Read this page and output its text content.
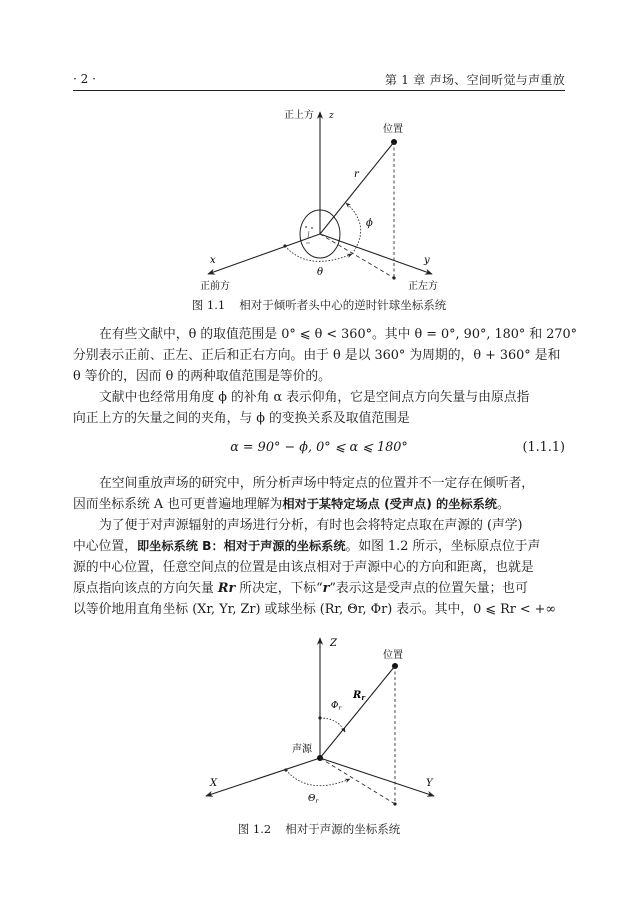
· 2 ·	第 1 章 声场、空间听觉与声重放
正上方 z
位置
r
ϕ
x	y
θ
正前方	正左方
图 1.1 相对于倾听者头中心的逆时针球坐标系统
在有些文献中，θ 的取值范围是 0° ⩽ θ < 360°。其中 θ = 0°, 90°, 180° 和 270°
分别表示正前、正左、正后和正右方向。由于 θ 是以 360° 为周期的，θ + 360° 是和
θ 等价的，因而 θ 的两种取值范围是等价的。
文献中也经常用角度 ϕ 的补角 α 表示仰角，它是空间点方向矢量与由原点指
向正上方的矢量之间的夹角，与 ϕ 的变换关系及取值范围是
α = 90° − ϕ, 0° ⩽ α ⩽ 180°	(1.1.1)
在空间重放声场的研究中，所分析声场中特定点的位置并不一定存在倾听者，
因而坐标系统 A 也可更普遍地理解为相对于某特定场点 (受声点) 的坐标系统。
为了便于对声源辐射的声场进行分析，有时也会将特定点取在声源的 (声学)
中心位置，即坐标系统 B：相对于声源的坐标系统。如图 1.2 所示，坐标原点位于声
源的中心位置，任意空间点的位置是由该点相对于声源中心的方向和距离，也就是
原点指向该点的方向矢量 Rr 所决定，下标“r”表示这是受声点的位置矢量；也可
以等价地用直角坐标 (Xr, Yr, Zr) 或球坐标 (Rr, Θr, Φr) 表示。其中，0 ⩽ Rr < +∞
Z
位置
$R_r$
$\Phi_r$
声源
X	Y
$\Theta_r$
图 1.2 相对于声源的坐标系统
